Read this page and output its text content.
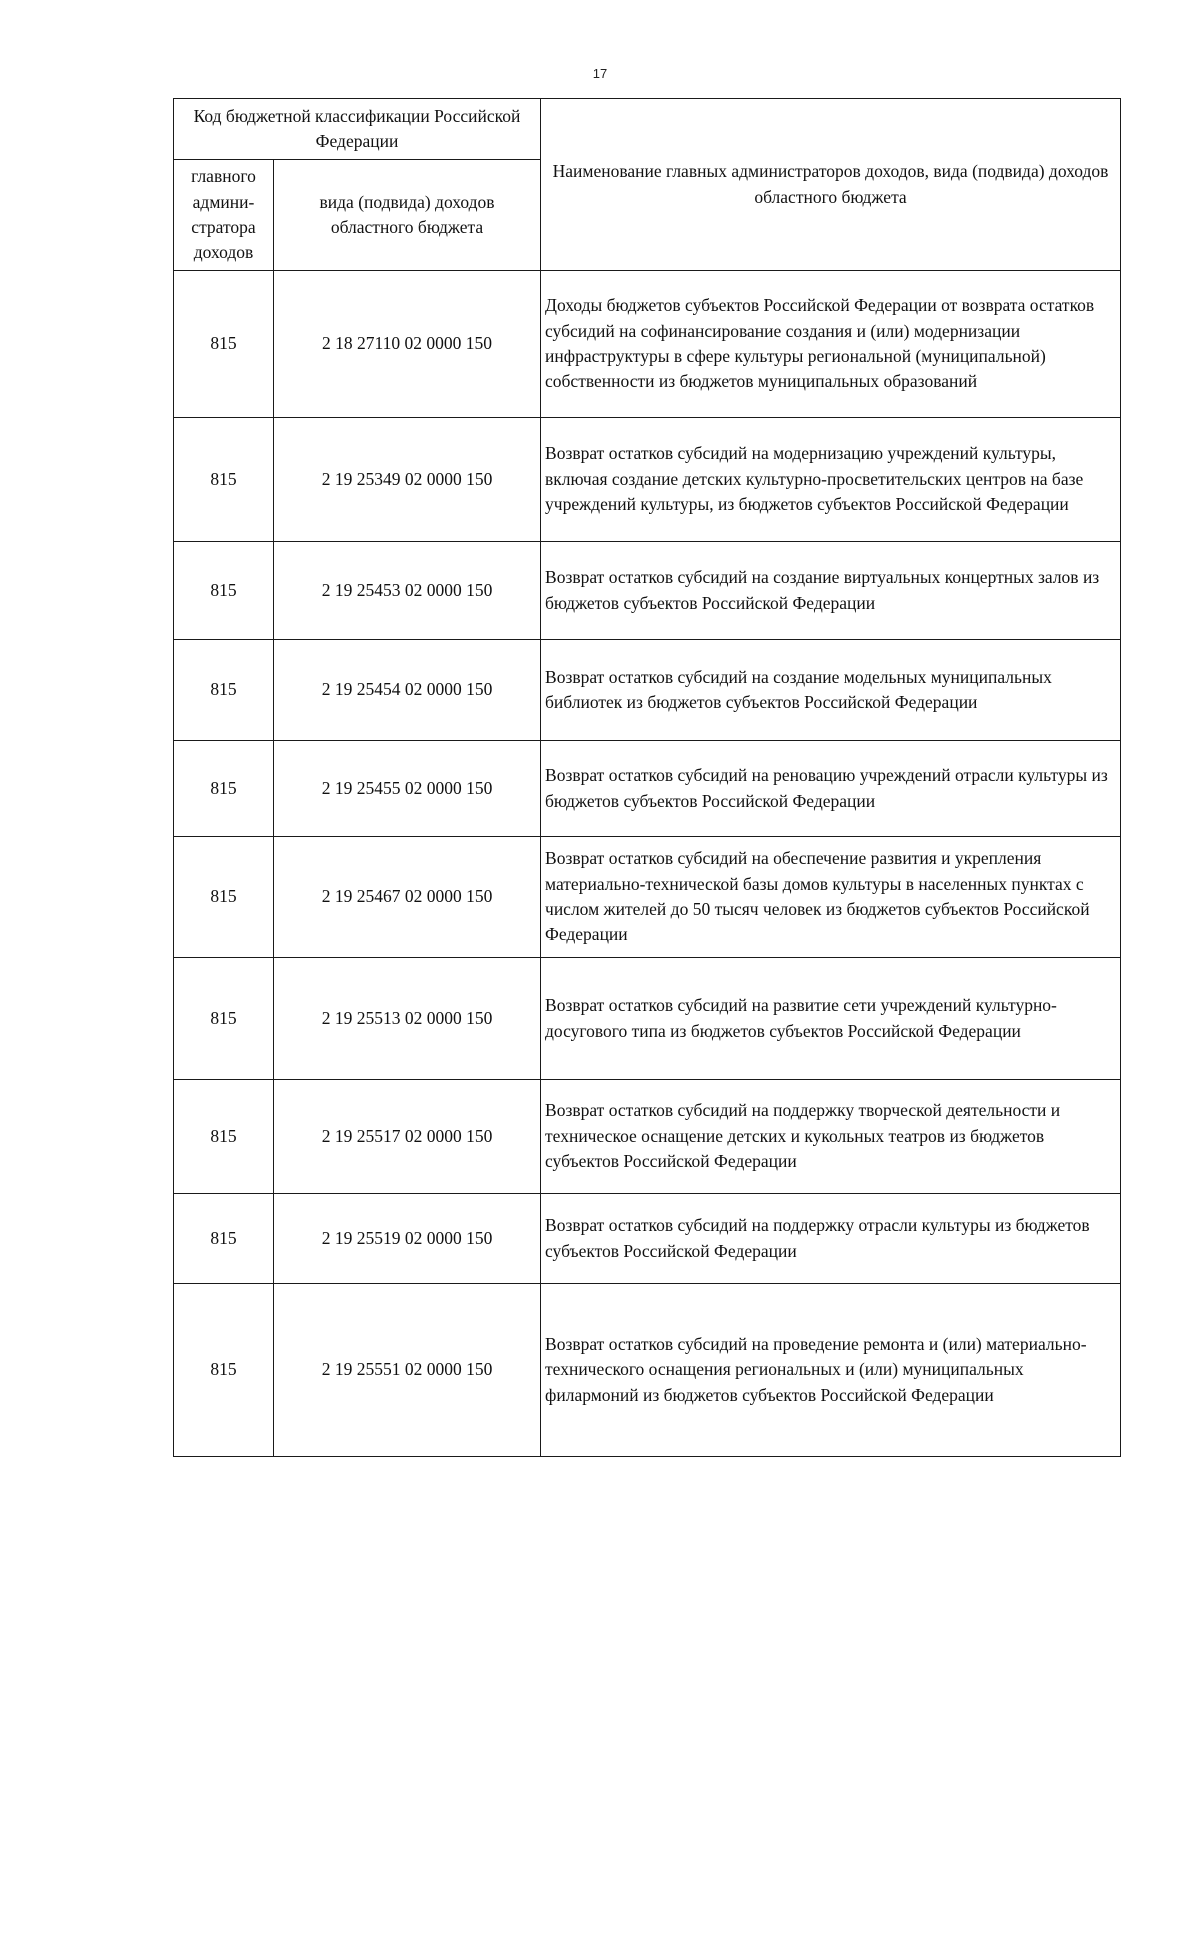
17
Код бюджетной классификации Российской Федерации		Наименование главных администраторов доходов, вида (подвида) доходов областного бюджета
главного админи- стратора доходов	вида (подвида) доходов областного бюджета	
815	2 18 27110 02 0000 150	Доходы бюджетов субъектов Российской Федерации от возврата остатков субсидий на софинансирование создания и (или) модернизации инфраструктуры в сфере культуры региональной (муниципальной) собственности из бюджетов муниципальных образований
815	2 19 25349 02 0000 150	Возврат остатков субсидий на модернизацию учреждений культуры, включая создание детских культурно-просветительских центров на базе учреждений культуры, из бюджетов субъектов Российской Федерации
815	2 19 25453 02 0000 150	Возврат остатков субсидий на создание виртуальных концертных залов из бюджетов субъектов Российской Федерации
815	2 19 25454 02 0000 150	Возврат остатков субсидий на создание модельных муниципальных библиотек из бюджетов субъектов Российской Федерации
815	2 19 25455 02 0000 150	Возврат остатков субсидий на реновацию учреждений отрасли культуры из бюджетов субъектов Российской Федерации
815	2 19 25467 02 0000 150	Возврат остатков субсидий на обеспечение развития и укрепления материально-технической базы домов культуры в населенных пунктах с числом жителей до 50 тысяч человек из бюджетов субъектов Российской Федерации
815	2 19 25513 02 0000 150	Возврат остатков субсидий на развитие сети учреждений культурно-досугового типа из бюджетов субъектов Российской Федерации
815	2 19 25517 02 0000 150	Возврат остатков субсидий на поддержку творческой деятельности и техническое оснащение детских и кукольных театров из бюджетов субъектов Российской Федерации
815	2 19 25519 02 0000 150	Возврат остатков субсидий на поддержку отрасли культуры из бюджетов субъектов Российской Федерации
815	2 19 25551 02 0000 150	Возврат остатков субсидий на проведение ремонта и (или) материально-технического оснащения региональных и (или) муниципальных филармоний из бюджетов субъектов Российской Федерации
